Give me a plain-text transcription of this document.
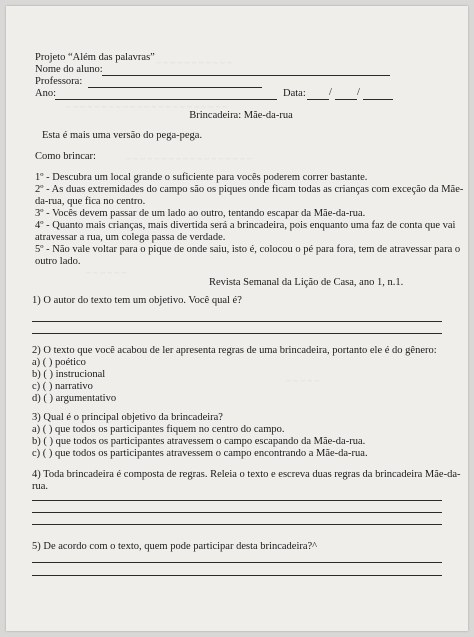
~ ~ ~ ~ ~ ~ ~ ~ ~ ~ ~
~ ~ ~ ~ ~ ~ ~ ~ ~ ~ ~ ~ ~ ~ ~ ~ ~ ~ ~ ~ ~ ~ ~
~ ~ ~ ~ ~ ~ ~ ~ ~ ~ ~ ~ ~ ~ ~ ~ ~ ~
~ ~ ~ ~ ~ ~
~ ~ ~ ~ ~
Projeto “Além das palavras”
Nome do aluno:
Professora:
Ano:	Data: / /
Brincadeira: Mãe-da-rua
Esta é mais uma versão do pega-pega.
Como brincar:
1º - Descubra um local grande o suficiente para vocês poderem correr bastante.
2º - As duas extremidades do campo são os piques onde ficam todas as crianças com exceção da Mãe-
da-rua, que fica no centro.
3º - Vocês devem passar de um lado ao outro, tentando escapar da Mãe-da-rua.
4º - Quanto mais crianças, mais divertida será a brincadeira, pois enquanto uma faz de conta que vai
atravessar a rua, um colega passa de verdade.
5º - Não vale voltar para o pique de onde saiu, isto é, colocou o pé para fora, tem de atravessar para o
outro lado.
Revista Semanal da Lição de Casa, ano 1, n.1.
1) O autor do texto tem um objetivo. Você qual é?
2) O texto que você acabou de ler apresenta regras de uma brincadeira, portanto ele é do gênero:
a) ( ) poético
b) ( ) instrucional
c) ( ) narrativo
d) ( ) argumentativo
3) Qual é o principal objetivo da brincadeira?
a) ( ) que todos os participantes fiquem no centro do campo.
b) ( ) que todos os participantes atravessem o campo escapando da Mãe-da-rua.
c) ( ) que todos os participantes atravessem o campo encontrando a Mãe-da-rua.
4) Toda brincadeira é composta de regras. Releia o texto e escreva duas regras da brincadeira Mãe-da-
rua.
5) De acordo com o texto, quem pode participar desta brincadeira?^
